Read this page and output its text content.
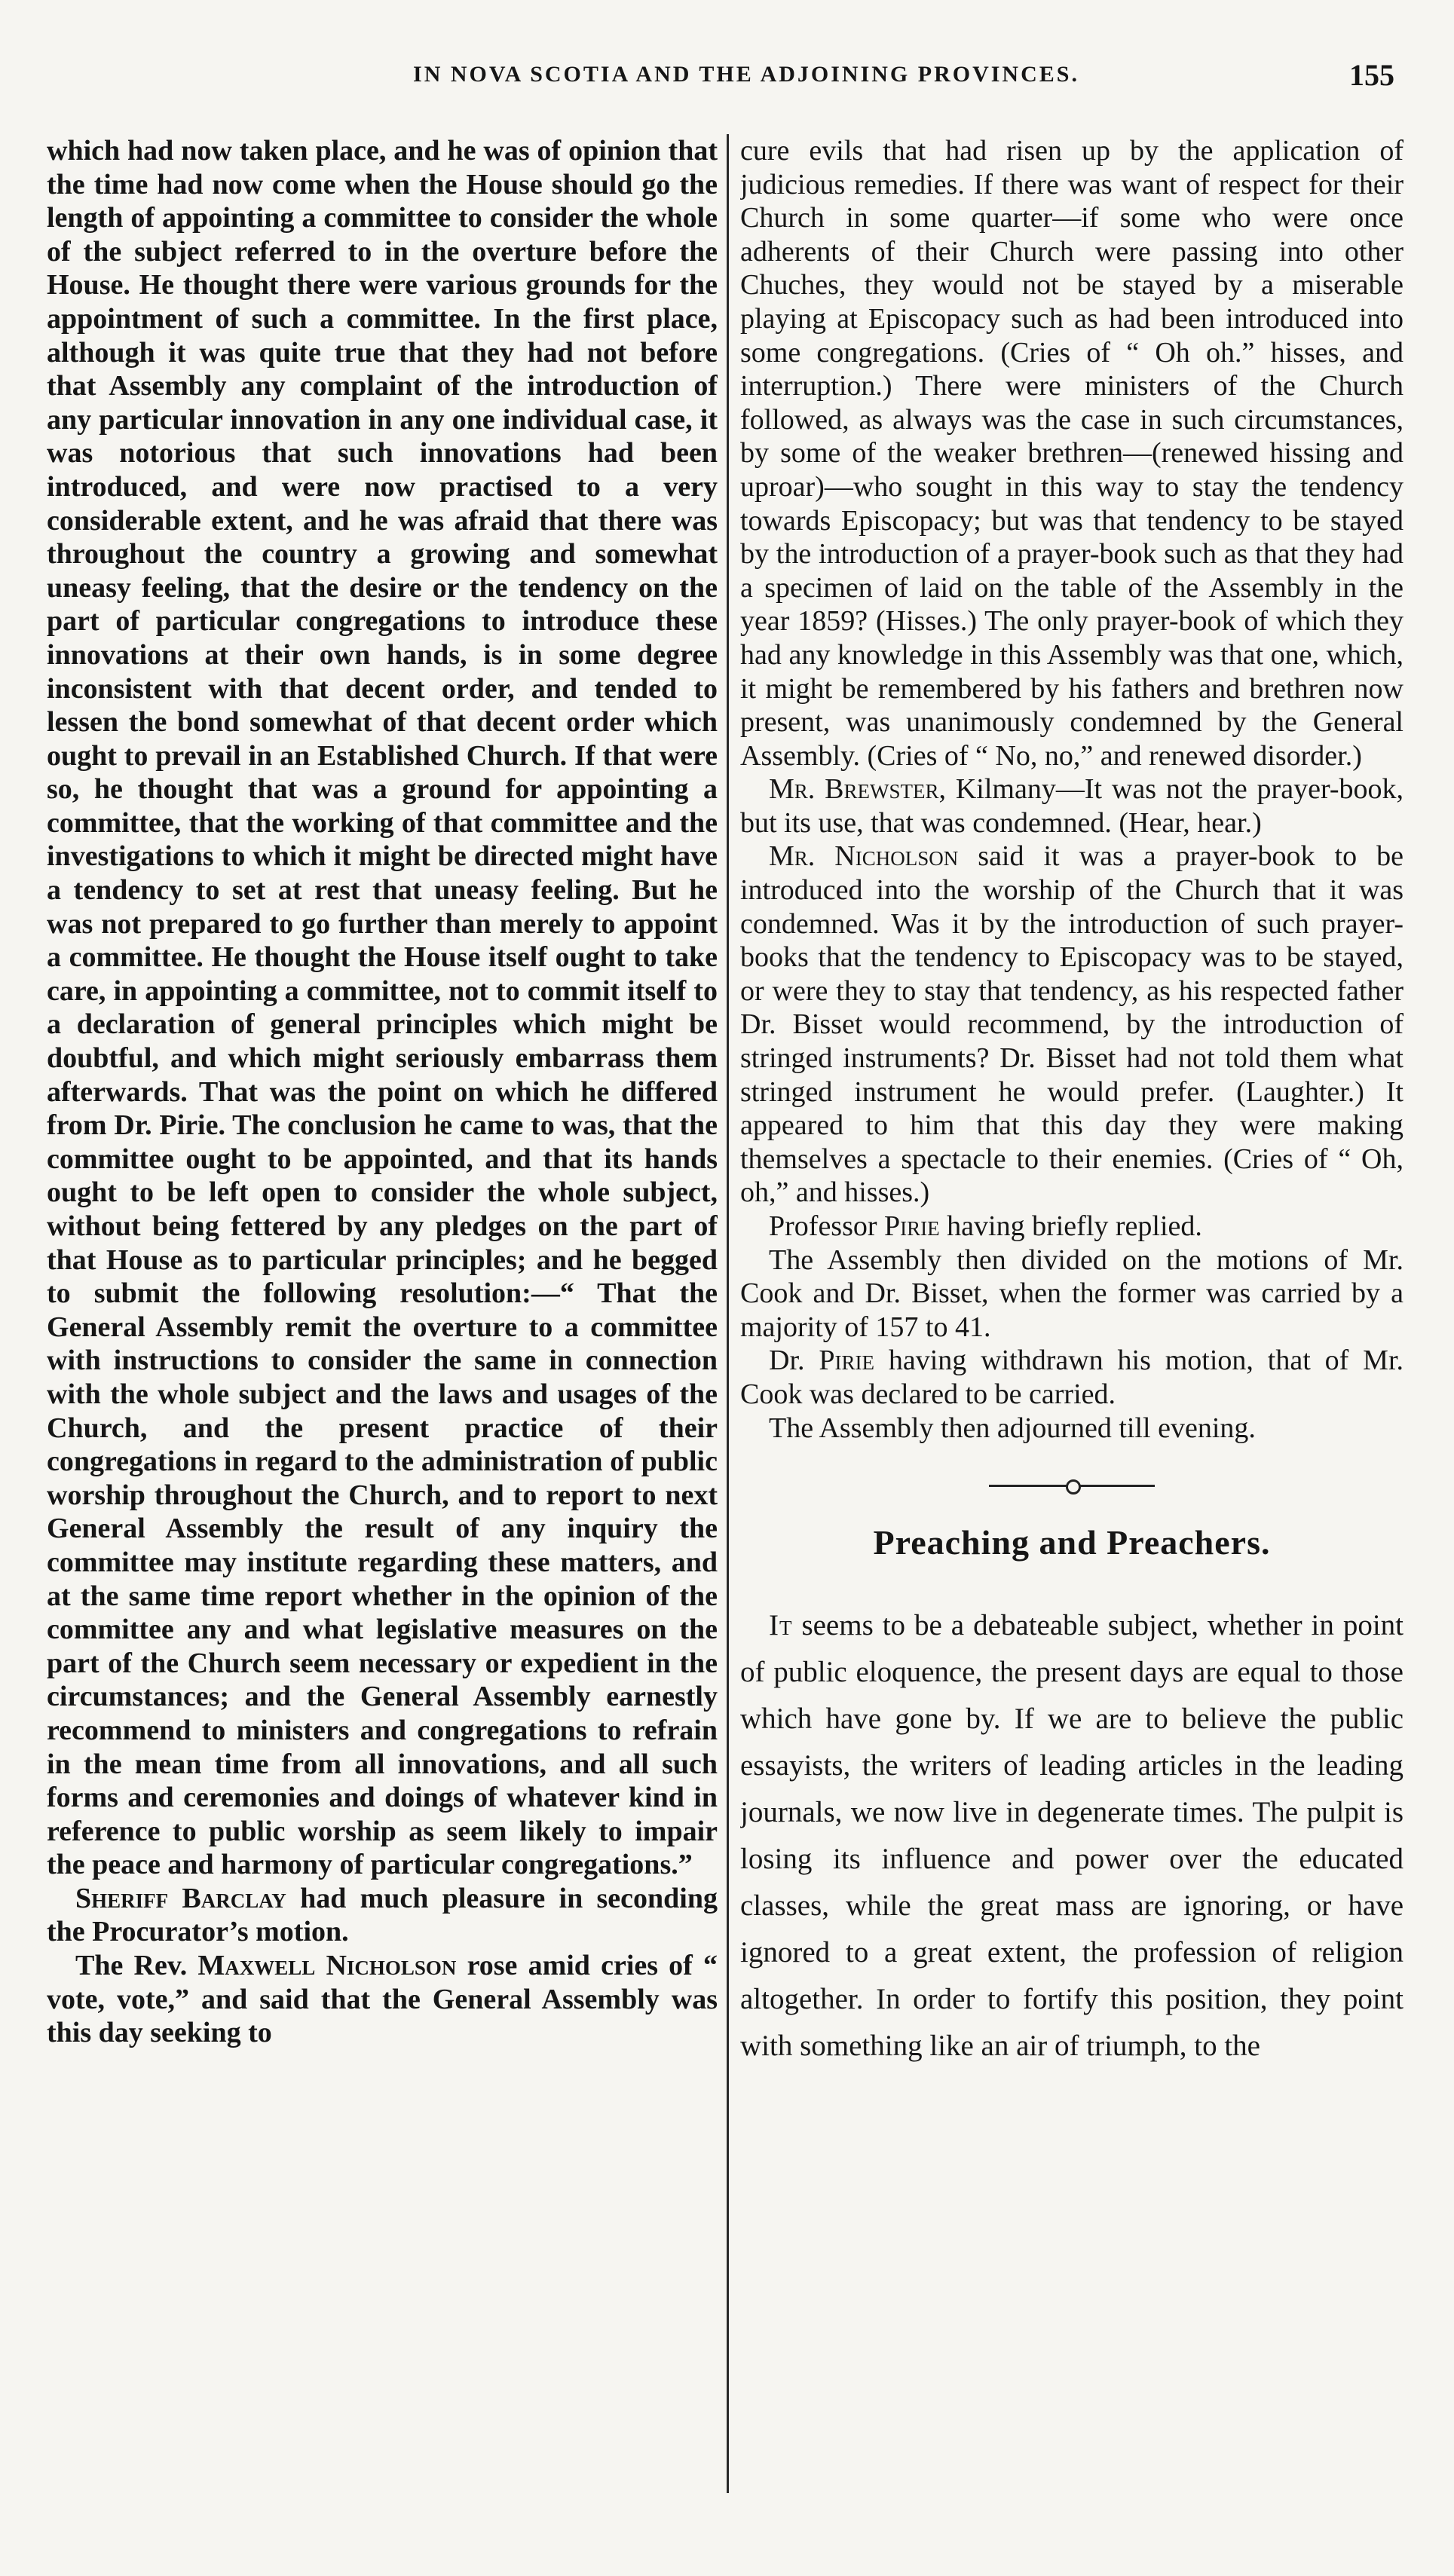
IN NOVA SCOTIA AND THE ADJOINING PROVINCES.	155

which had now taken place, and he was of opinion that the time had now come when the House should go the length of appointing a committee to consider the whole of the subject referred to in the overture before the House. He thought there were various grounds for the appointment of such a committee. In the first place, although it was quite true that they had not before that Assembly any complaint of the introduction of any particular innovation in any one individual case, it was notorious that such innovations had been introduced, and were now practised to a very considerable extent, and he was afraid that there was throughout the country a growing and somewhat uneasy feeling, that the desire or the tendency on the part of particular congregations to introduce these innovations at their own hands, is in some degree inconsistent with that decent order, and tended to lessen the bond somewhat of that decent order which ought to prevail in an Established Church. If that were so, he thought that was a ground for appointing a committee, that the working of that committee and the investigations to which it might be directed might have a tendency to set at rest that uneasy feeling. But he was not prepared to go further than merely to appoint a committee. He thought the House itself ought to take care, in appointing a committee, not to commit itself to a declaration of general principles which might be doubtful, and which might seriously embarrass them afterwards. That was the point on which he differed from Dr. Pirie. The conclusion he came to was, that the committee ought to be appointed, and that its hands ought to be left open to consider the whole subject, without being fettered by any pledges on the part of that House as to particular principles; and he begged to submit the following resolution:—“ That the General Assembly remit the overture to a committee with instructions to consider the same in connection with the whole subject and the laws and usages of the Church, and the present practice of their congregations in regard to the administration of public worship throughout the Church, and to report to next General Assembly the result of any inquiry the committee may institute regarding these matters, and at the same time report whether in the opinion of the committee any and what legislative measures on the part of the Church seem necessary or expedient in the circumstances; and the General Assembly earnestly recommend to ministers and congregations to refrain in the mean time from all innovations, and all such forms and ceremonies and doings of whatever kind in reference to public worship as seem likely to impair the peace and harmony of particular congregations.”

Sheriff Barclay had much pleasure in seconding the Procurator’s motion.

The Rev. Maxwell Nicholson rose amid cries of “ vote, vote,” and said that the General Assembly was this day seeking to

cure evils that had risen up by the application of judicious remedies. If there was want of respect for their Church in some quarter—if some who were once adherents of their Church were passing into other Chuches, they would not be stayed by a miserable playing at Episcopacy such as had been introduced into some congregations. (Cries of “ Oh oh.” hisses, and interruption.) There were ministers of the Church followed, as always was the case in such circumstances, by some of the weaker brethren—(renewed hissing and uproar)—who sought in this way to stay the tendency towards Episcopacy; but was that tendency to be stayed by the introduction of a prayer-book such as that they had a specimen of laid on the table of the Assembly in the year 1859? (Hisses.) The only prayer-book of which they had any knowledge in this Assembly was that one, which, it might be remembered by his fathers and brethren now present, was unanimously condemned by the General Assembly. (Cries of “ No, no,” and renewed disorder.)

Mr. Brewster, Kilmany—It was not the prayer-book, but its use, that was condemned. (Hear, hear.)

Mr. Nicholson said it was a prayer-book to be introduced into the worship of the Church that it was condemned. Was it by the introduction of such prayer-books that the tendency to Episcopacy was to be stayed, or were they to stay that tendency, as his respected father Dr. Bisset would recommend, by the introduction of stringed instruments? Dr. Bisset had not told them what stringed instrument he would prefer. (Laughter.) It appeared to him that this day they were making themselves a spectacle to their enemies. (Cries of “ Oh, oh,” and hisses.)

Professor Pirie having briefly replied.

The Assembly then divided on the motions of Mr. Cook and Dr. Bisset, when the former was carried by a majority of 157 to 41.

Dr. Pirie having withdrawn his motion, that of Mr. Cook was declared to be carried.

The Assembly then adjourned till evening.

Preaching and Preachers.

It seems to be a debateable subject, whether in point of public eloquence, the present days are equal to those which have gone by. If we are to believe the public essayists, the writers of leading articles in the leading journals, we now live in degenerate times. The pulpit is losing its influence and power over the educated classes, while the great mass are ignoring, or have ignored to a great extent, the profession of religion altogether. In order to fortify this position, they point with something like an air of triumph, to the
